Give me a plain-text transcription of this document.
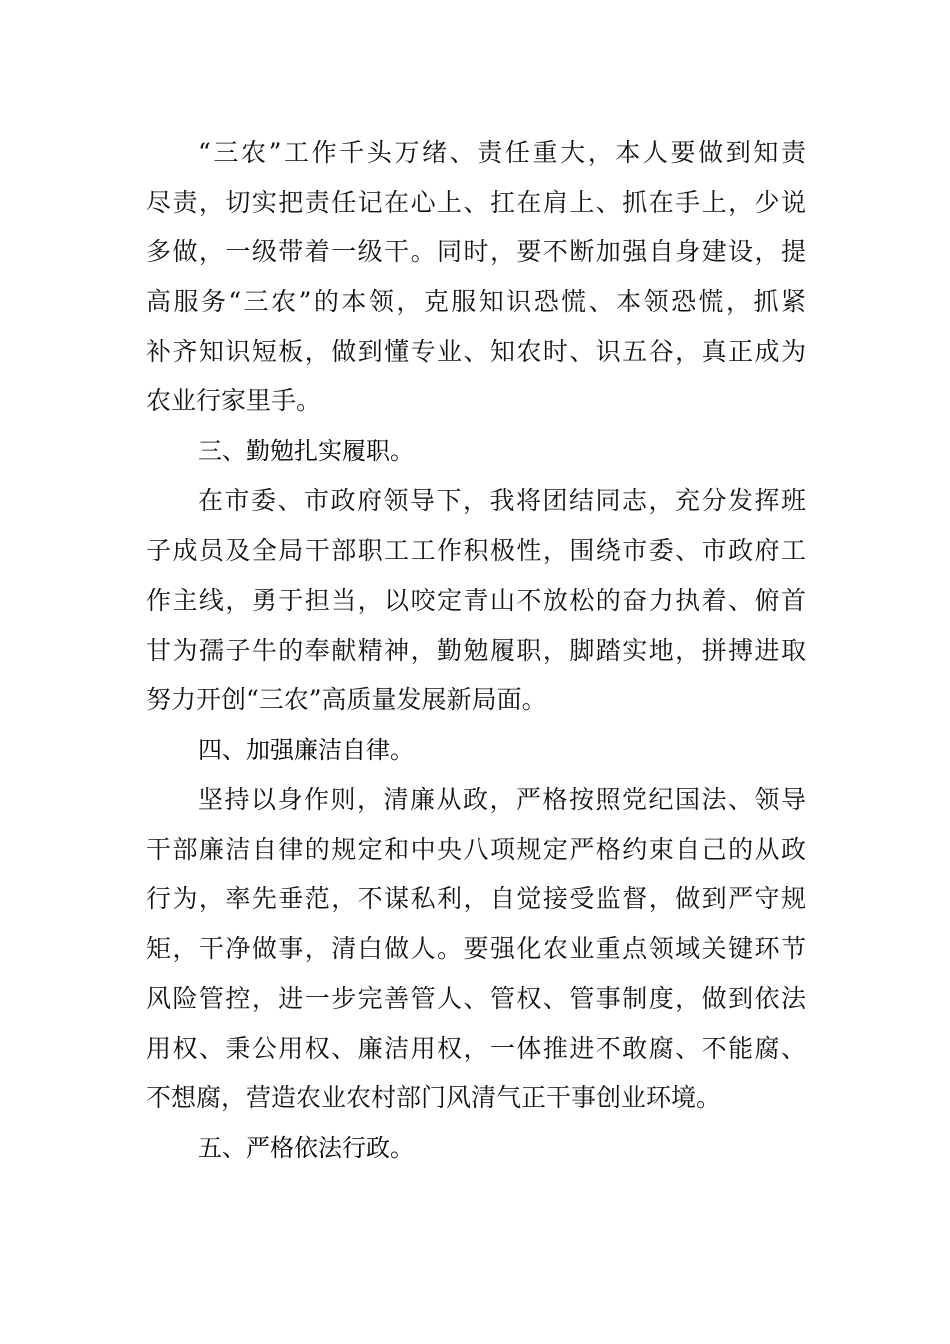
“三农”工作千头万绪、责任重大，本人要做到知责
尽责，切实把责任记在心上、扛在肩上、抓在手上，少说
多做，一级带着一级干。同时，要不断加强自身建设，提
高服务“三农”的本领，克服知识恐慌、本领恐慌，抓紧
补齐知识短板，做到懂专业、知农时、识五谷，真正成为
农业行家里手。
三、勤勉扎实履职。
在市委、市政府领导下，我将团结同志，充分发挥班
子成员及全局干部职工工作积极性，围绕市委、市政府工
作主线，勇于担当，以咬定青山不放松的奋力执着、俯首
甘为孺子牛的奉献精神，勤勉履职，脚踏实地，拼搏进取
努力开创“三农”高质量发展新局面。
四、加强廉洁自律。
坚持以身作则，清廉从政，严格按照党纪国法、领导
干部廉洁自律的规定和中央八项规定严格约束自己的从政
行为，率先垂范，不谋私利，自觉接受监督，做到严守规
矩，干净做事，清白做人。要强化农业重点领域关键环节
风险管控，进一步完善管人、管权、管事制度，做到依法
用权、秉公用权、廉洁用权，一体推进不敢腐、不能腐、
不想腐，营造农业农村部门风清气正干事创业环境。
五、严格依法行政。
